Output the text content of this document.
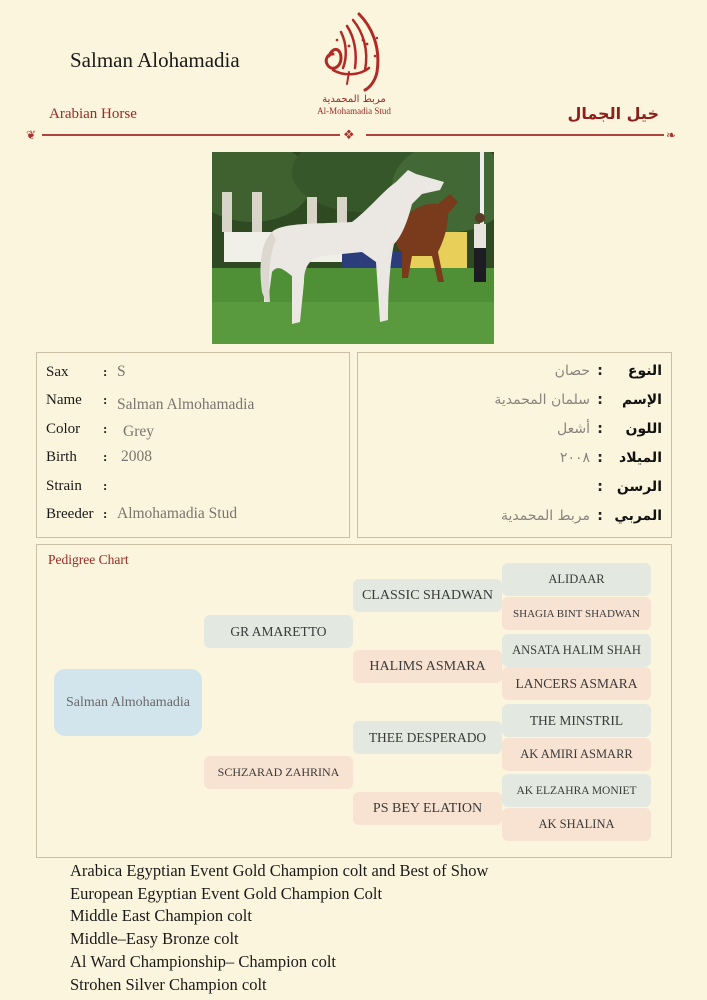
Salman Alohamadia
مربط المحمدية
Al-Mohamadia Stud
Arabian Horse	خيل الجمال
❦	❖	❧
Sax	: S
Name : Salman Almohamadia
Color : Grey
Birth : 2008
Strain :
Breeder : Almohamadia Stud
النوع:حصان
الإسم:سلمان المحمدية
اللون:أشعل
الميلاد:٢٠٠٨
الرسن:
المربي:مربط المحمدية
Pedigree Chart
Salman Almohamadia
GR AMARETTO
SCHZARAD ZAHRINA
CLASSIC SHADWAN
HALIMS ASMARA
THEE DESPERADO
PS BEY ELATION
ALIDAAR
SHAGIA BINT SHADWAN
ANSATA HALIM SHAH
LANCERS ASMARA
THE MINSTRIL
AK AMIRI ASMARR
AK ELZAHRA MONIET
AK SHALINA
Arabica Egyptian Event Gold Champion colt and Best of Show
European Egyptian Event Gold Champion Colt
Middle East Champion colt
Middle–Easy Bronze colt
Al Ward Championship– Champion colt
Strohen Silver Champion colt
